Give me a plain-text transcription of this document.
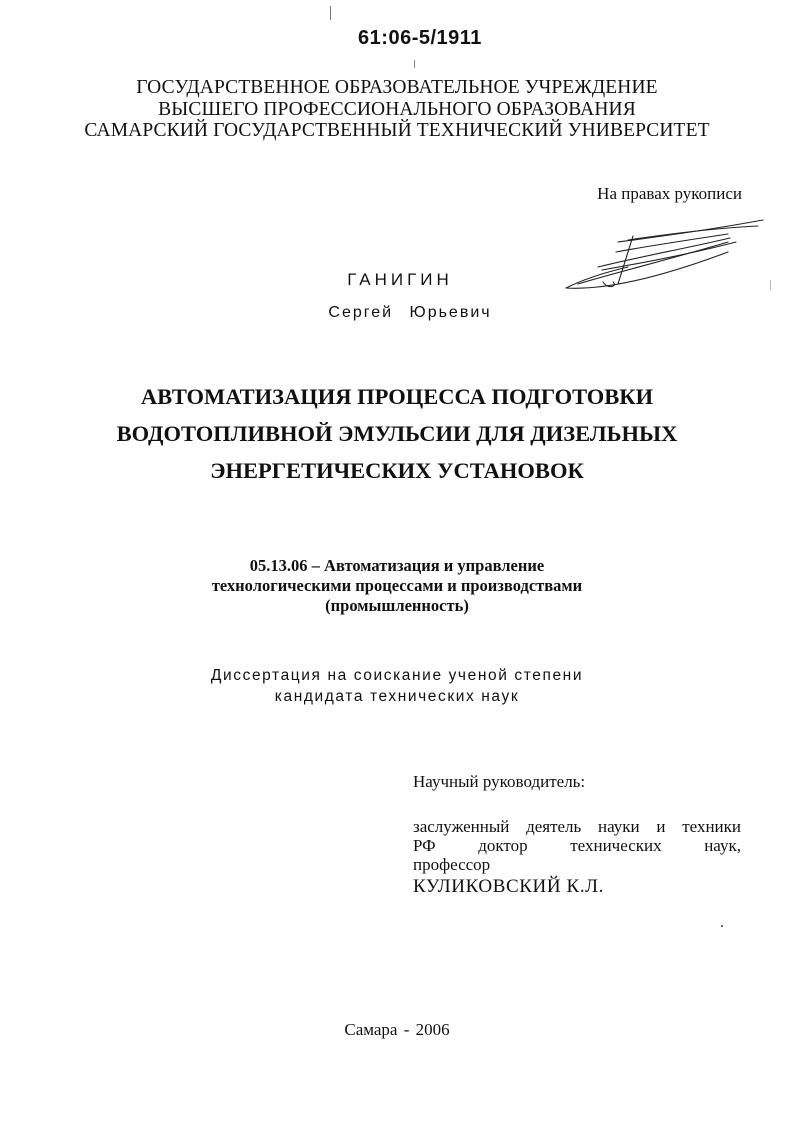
61:06-5/1911
ГОСУДАРСТВЕННОЕ ОБРАЗОВАТЕЛЬНОЕ УЧРЕЖДЕНИЕ
ВЫСШЕГО ПРОФЕССИОНАЛЬНОГО ОБРАЗОВАНИЯ
САМАРСКИЙ ГОСУДАРСТВЕННЫЙ ТЕХНИЧЕСКИЙ УНИВЕРСИТЕТ
На правах рукописи
ГАНИГИН
Сергей Юрьевич
АВТОМАТИЗАЦИЯ ПРОЦЕССА ПОДГОТОВКИ
ВОДОТОПЛИВНОЙ ЭМУЛЬСИИ ДЛЯ ДИЗЕЛЬНЫХ
ЭНЕРГЕТИЧЕСКИХ УСТАНОВОК
05.13.06 – Автоматизация и управление
технологическими процессами и производствами
(промышленность)
Диссертация на соискание ученой степени
кандидата технических наук
Научный руководитель:
заслуженный деятель науки и техники
РФ доктор технических наук,
профессор
КУЛИКОВСКИЙ К.Л.
Самара - 2006
